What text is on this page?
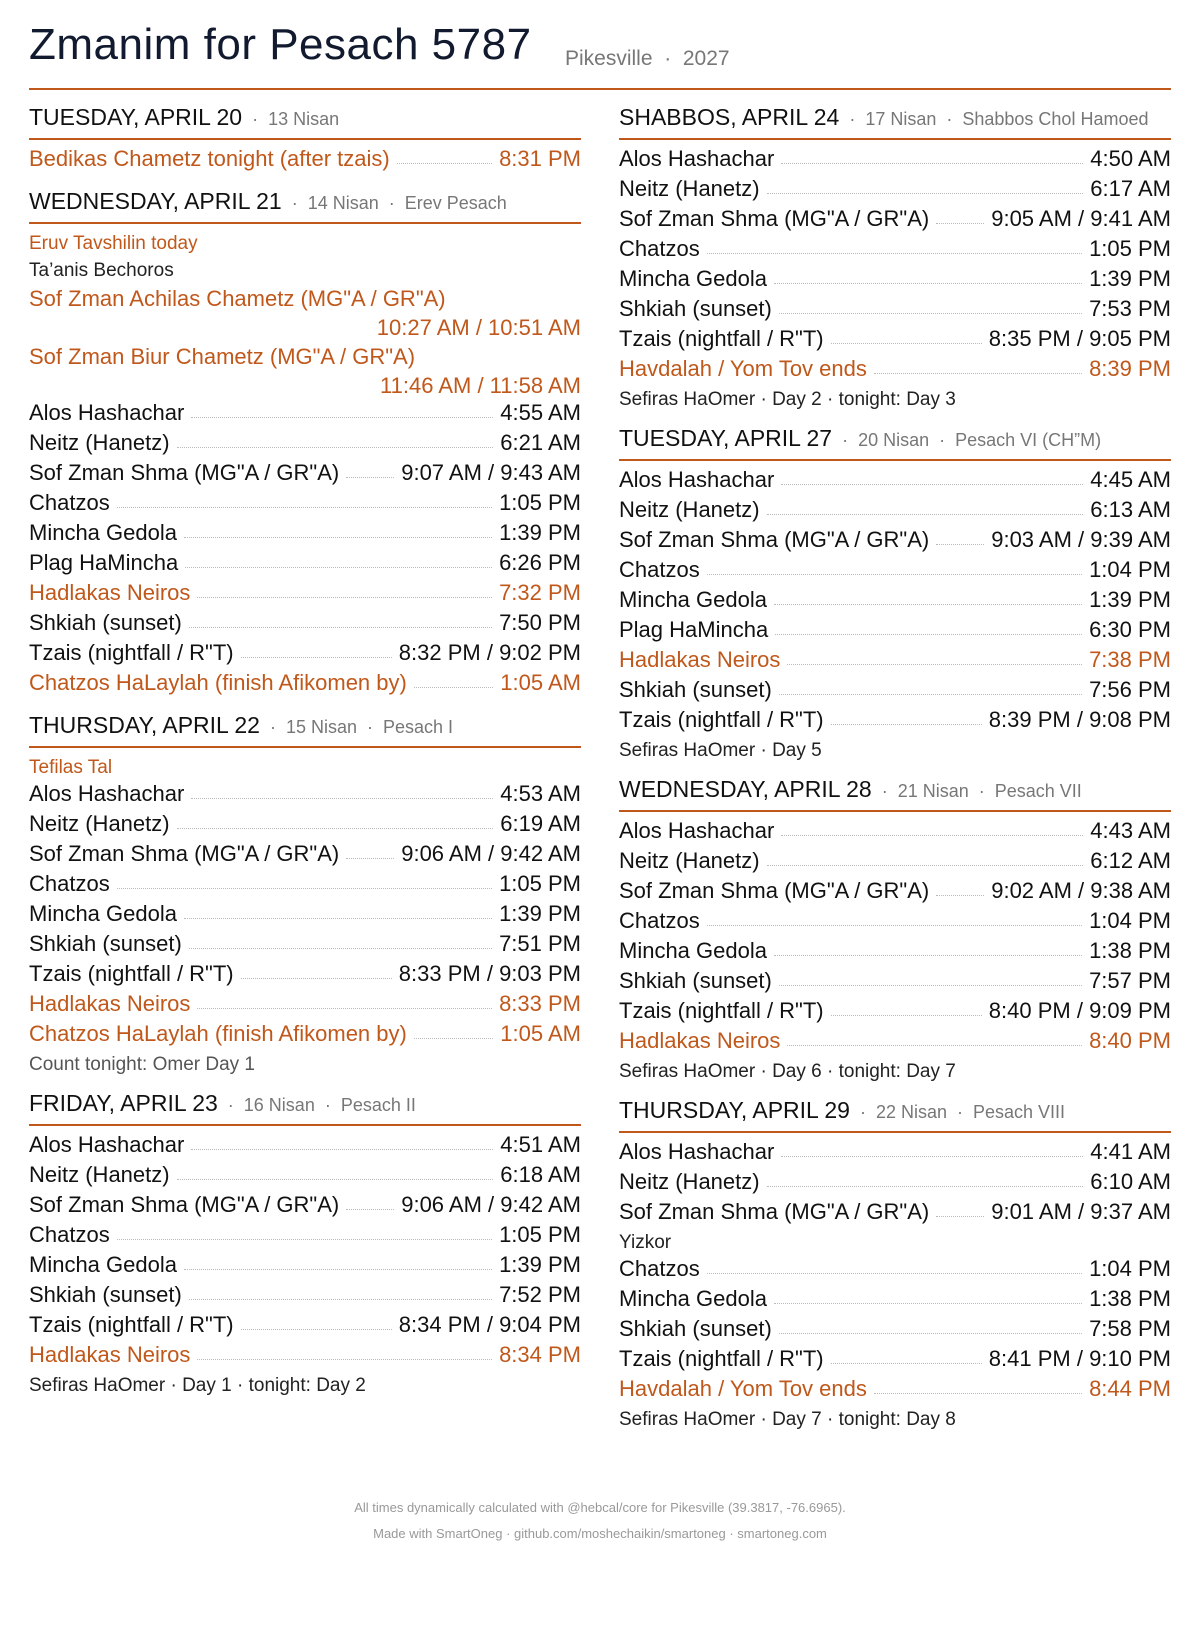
Zmanim for Pesach 5787 Pikesville · 2027
TUESDAY, APRIL 20  ·  13 Nisan
Bedikas Chametz tonight (after tzais)	8:31 PM
WEDNESDAY, APRIL 21  ·  14 Nisan  ·  Erev Pesach
Eruv Tavshilin today
Ta’anis Bechoros
Sof Zman Achilas Chametz (MG"A / GR"A)
10:27 AM / 10:51 AM
Sof Zman Biur Chametz (MG"A / GR"A)
11:46 AM / 11:58 AM
Alos Hashachar	4:55 AM
Neitz (Hanetz)	6:21 AM
Sof Zman Shma (MG"A / GR"A)	9:07 AM / 9:43 AM
Chatzos	1:05 PM
Mincha Gedola	1:39 PM
Plag HaMincha	6:26 PM
Hadlakas Neiros	7:32 PM
Shkiah (sunset)	7:50 PM
Tzais (nightfall / R"T)	8:32 PM / 9:02 PM
Chatzos HaLaylah (finish Afikomen by)	1:05 AM
THURSDAY, APRIL 22  ·  15 Nisan  ·  Pesach I
Tefilas Tal
Alos Hashachar	4:53 AM
Neitz (Hanetz)	6:19 AM
Sof Zman Shma (MG"A / GR"A)	9:06 AM / 9:42 AM
Chatzos	1:05 PM
Mincha Gedola	1:39 PM
Shkiah (sunset)	7:51 PM
Tzais (nightfall / R"T)	8:33 PM / 9:03 PM
Hadlakas Neiros	8:33 PM
Chatzos HaLaylah (finish Afikomen by)	1:05 AM
Count tonight: Omer Day 1
FRIDAY, APRIL 23  ·  16 Nisan  ·  Pesach II
Alos Hashachar	4:51 AM
Neitz (Hanetz)	6:18 AM
Sof Zman Shma (MG"A / GR"A)	9:06 AM / 9:42 AM
Chatzos	1:05 PM
Mincha Gedola	1:39 PM
Shkiah (sunset)	7:52 PM
Tzais (nightfall / R"T)	8:34 PM / 9:04 PM
Hadlakas Neiros	8:34 PM
Sefiras HaOmer · Day 1 · tonight: Day 2
SHABBOS, APRIL 24  ·  17 Nisan  ·  Shabbos Chol Hamoed
Alos Hashachar	4:50 AM
Neitz (Hanetz)	6:17 AM
Sof Zman Shma (MG"A / GR"A)	9:05 AM / 9:41 AM
Chatzos	1:05 PM
Mincha Gedola	1:39 PM
Shkiah (sunset)	7:53 PM
Tzais (nightfall / R"T)	8:35 PM / 9:05 PM
Havdalah / Yom Tov ends	8:39 PM
Sefiras HaOmer · Day 2 · tonight: Day 3
TUESDAY, APRIL 27  ·  20 Nisan  ·  Pesach VI (CH”M)
Alos Hashachar	4:45 AM
Neitz (Hanetz)	6:13 AM
Sof Zman Shma (MG"A / GR"A)	9:03 AM / 9:39 AM
Chatzos	1:04 PM
Mincha Gedola	1:39 PM
Plag HaMincha	6:30 PM
Hadlakas Neiros	7:38 PM
Shkiah (sunset)	7:56 PM
Tzais (nightfall / R"T)	8:39 PM / 9:08 PM
Sefiras HaOmer · Day 5
WEDNESDAY, APRIL 28  ·  21 Nisan  ·  Pesach VII
Alos Hashachar	4:43 AM
Neitz (Hanetz)	6:12 AM
Sof Zman Shma (MG"A / GR"A)	9:02 AM / 9:38 AM
Chatzos	1:04 PM
Mincha Gedola	1:38 PM
Shkiah (sunset)	7:57 PM
Tzais (nightfall / R"T)	8:40 PM / 9:09 PM
Hadlakas Neiros	8:40 PM
Sefiras HaOmer · Day 6 · tonight: Day 7
THURSDAY, APRIL 29  ·  22 Nisan  ·  Pesach VIII
Alos Hashachar	4:41 AM
Neitz (Hanetz)	6:10 AM
Sof Zman Shma (MG"A / GR"A)	9:01 AM / 9:37 AM
Yizkor
Chatzos	1:04 PM
Mincha Gedola	1:38 PM
Shkiah (sunset)	7:58 PM
Tzais (nightfall / R"T)	8:41 PM / 9:10 PM
Havdalah / Yom Tov ends	8:44 PM
Sefiras HaOmer · Day 7 · tonight: Day 8
All times dynamically calculated with @hebcal/core for Pikesville (39.3817, -76.6965).
Made with SmartOneg · github.com/moshechaikin/smartoneg · smartoneg.com
